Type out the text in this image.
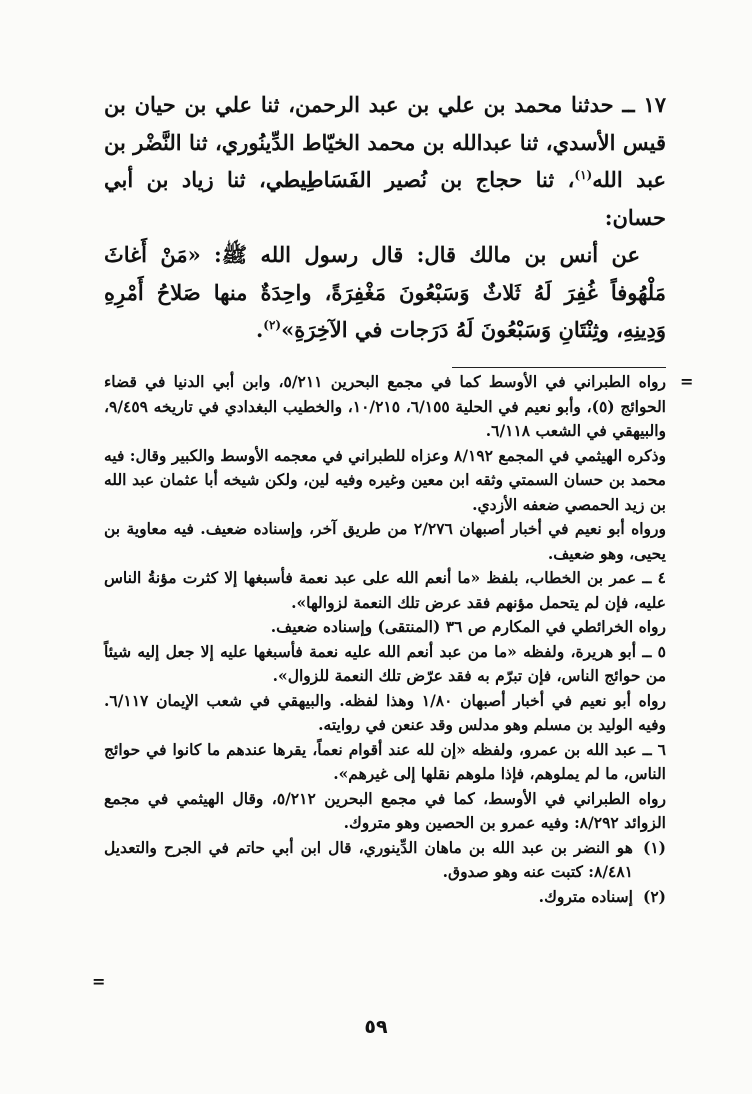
١٧ ــ حدثنا محمد بن علي بن عبد الرحمن، ثنا علي بن حيان بن قيس الأسدي، ثنا عبدالله بن محمد الخيّاط الدِّينُوري، ثنا النَّضْر بن عبد الله$^{(١)}$، ثنا حجاج بن نُصير الفَسَاطِيطي، ثنا زياد بن أبي حسان:

عن أنس بن مالك قال: قال رسول الله ﷺ: «مَنْ أَغاثَ مَلْهُوفاً غُفِرَ لَهُ ثَلاثٌ وَسَبْعُونَ مَغْفِرَةً، واحِدَةٌ منها صَلاحُ أَمْرِهِ وَدِينِهِ، وثِنْتَانِ وَسَبْعُونَ لَهُ دَرَجات في الآخِرَةِ»$^{(٢)}$.

=
=

رواه الطبراني في الأوسط كما في مجمع البحرين ٥/٢١١، وابن أبي الدنيا في قضاء الحوائج (٥)، وأبو نعيم في الحلية ٦/١٥٥، ١٠/٢١٥، والخطيب البغدادي في تاريخه ٩/٤٥٩، والبيهقي في الشعب ٦/١١٨.

وذكره الهيثمي في المجمع ٨/١٩٢ وعزاه للطبراني في معجمه الأوسط والكبير وقال: فيه محمد بن حسان السمتي وثقه ابن معين وغيره وفيه لين، ولكن شيخه أبا عثمان عبد الله بن زيد الحمصي ضعفه الأزدي.

ورواه أبو نعيم في أخبار أصبهان ٢/٢٧٦ من طريق آخر، وإسناده ضعيف. فيه معاوية بن يحيى، وهو ضعيف.

٤ ــ عمر بن الخطاب، بلفظ «ما أنعم الله على عبد نعمة فأسبغها إلا كثرت مؤنةُ الناس عليه، فإن لم يتحمل مؤنهم فقد عرض تلك النعمة لزوالها».

رواه الخرائطي في المكارم ص ٣٦ (المنتقى) وإسناده ضعيف.

٥ ــ أبو هريرة، ولفظه «ما من عبد أنعم الله عليه نعمة فأسبغها عليه إلا جعل إليه شيئاً من حوائج الناس، فإن تبرّم به فقد عرّض تلك النعمة للزوال».

رواه أبو نعيم في أخبار أصبهان ١/٨٠ وهذا لفظه. والبيهقي في شعب الإيمان ٦/١١٧. وفيه الوليد بن مسلم وهو مدلس وقد عنعن في روايته.

٦ ــ عبد الله بن عمرو، ولفظه «إن لله عند أقوام نعماً، يقرها عندهم ما كانوا في حوائج الناس، ما لم يملوهم، فإذا ملوهم نقلها إلى غيرهم».

رواه الطبراني في الأوسط، كما في مجمع البحرين ٥/٢١٢، وقال الهيثمي في مجمع الزوائد ٨/٢٩٢: وفيه عمرو بن الحصين وهو متروك.

(١)
هو النضر بن عبد الله بن ماهان الدِّينوري، قال ابن أبي حاتم في الجرح والتعديل ٨/٤٨١: كتبت عنه وهو صدوق.
(٢)
إسناده متروك.
٥٩
